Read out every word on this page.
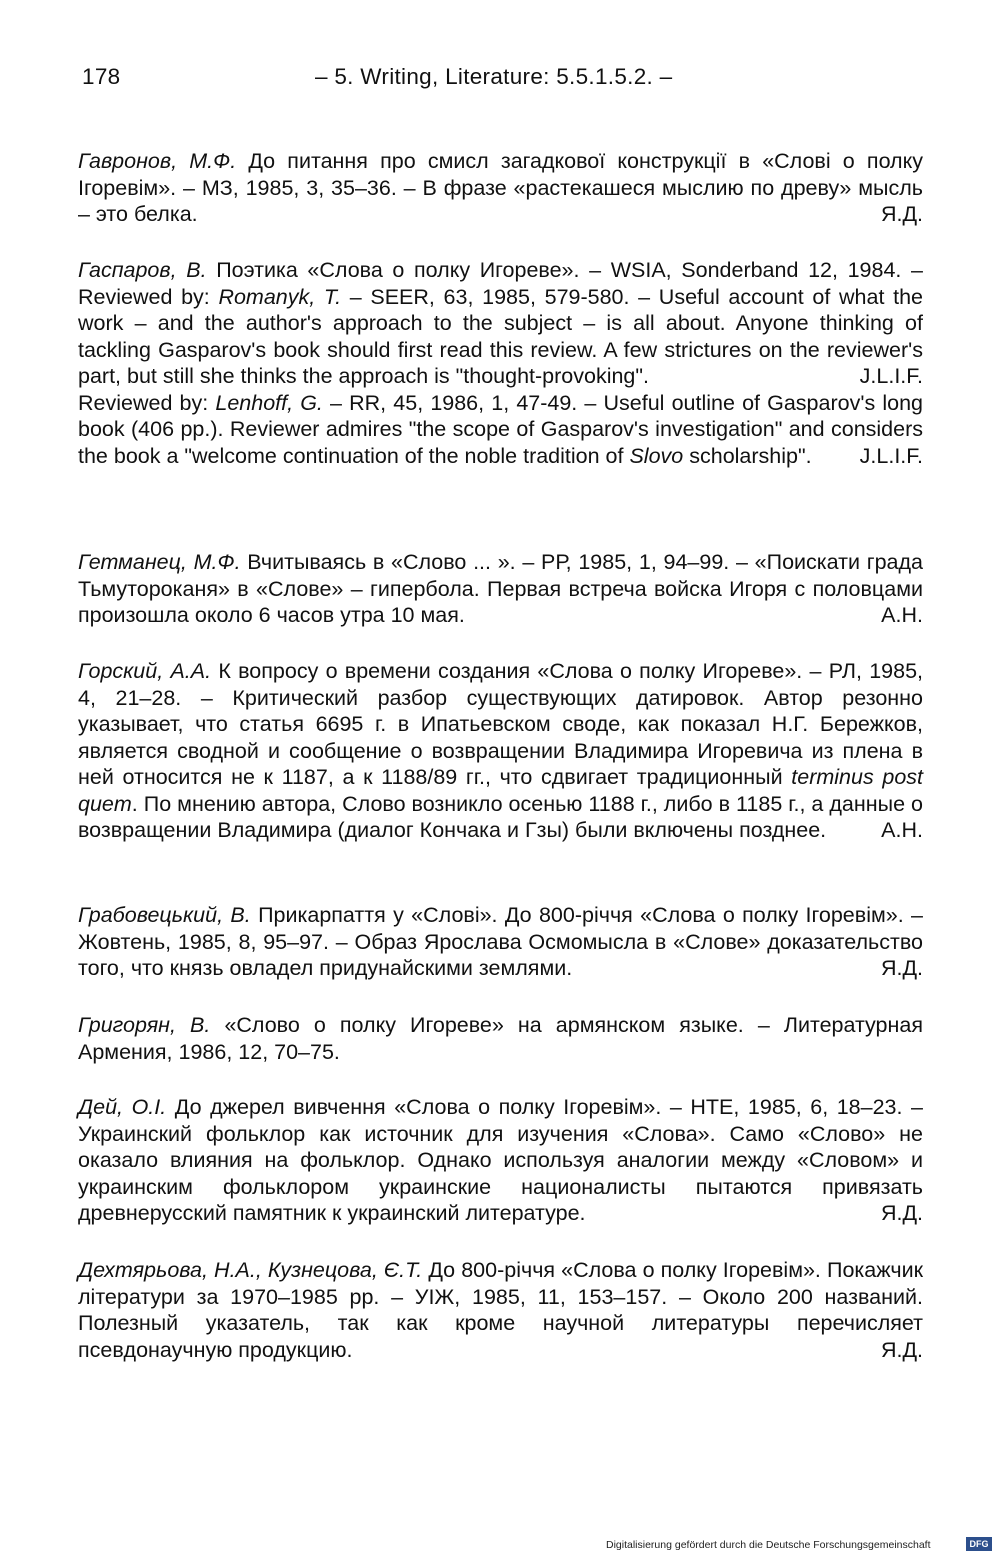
178	– 5. Writing, Literature: 5.5.1.5.2. –

Гавронов, М.Ф. До питання про смисл загадкової конструкції в «Слові о полку Ігоревім». – МЗ, 1985, 3, 35–36. – В фразе «растекашеся мыслию по древу» мысль – это белка.	Я.Д.

Гаспаров, В. Поэтика «Слова о полку Игореве». – WSIA, Sonderband 12, 1984. – Reviewed by: Romanyk, T. – SEER, 63, 1985, 579-580. – Useful account of what the work – and the author's approach to the subject – is all about. Anyone thinking of tackling Gasparov's book should first read this review. A few strictures on the reviewer's part, but still she thinks the approach is "thought-provoking".	J.L.I.F.

Reviewed by: Lenhoff, G. – RR, 45, 1986, 1, 47-49. – Useful outline of Gasparov's long book (406 pp.). Reviewer admires "the scope of Gasparov's investigation" and considers the book a "welcome continuation of the noble tradition of Slovo scholarship". J.L.I.F.

Гетманец, М.Ф. Вчитываясь в «Слово ... ». – РР, 1985, 1, 94–99. – «Поискати града Тьмутороканя» в «Слове» – гипербола. Первая встреча войска Игоря с половцами произошла около 6 часов утра 10 мая.	А.Н.

Горский, А.А. К вопросу о времени создания «Слова о полку Игореве». – РЛ, 1985, 4, 21–28. – Критический разбор существующих датировок. Автор резонно указывает, что статья 6695 г. в Ипатьевском своде, как показал Н.Г. Бережков, является сводной и сообщение о возвращении Владимира Игоревича из плена в ней относится не к 1187, а к 1188/89 гг., что сдвигает традиционный terminus post quem. По мнению автора, Слово возникло осенью 1188 г., либо в 1185 г., а данные о возвращении Владимира (диалог Кончака и Гзы) были включены позднее.	А.Н.

Грабовецький, В. Прикарпаття у «Слові». До 800-річчя «Слова о полку Ігоревім». – Жовтень, 1985, 8, 95–97. – Образ Ярослава Осмомысла в «Слове» доказательство того, что князь овладел придунайскими землями.	Я.Д.

Григорян, В. «Слово о полку Игореве» на армянском языке. – Литературная Армения, 1986, 12, 70–75.

Дей, О.І. До джерел вивчення «Слова о полку Ігоревім». – НТЕ, 1985, 6, 18–23. – Украинский фольклор как источник для изучения «Слова». Само «Слово» не оказало влияния на фольклор. Однако используя аналогии между «Словом» и украинским фольклором украинские националисты пытаются привязать древнерусский памятник к украинский литературе.	Я.Д.

Дехтярьова, Н.А., Кузнецова, Є.Т. До 800-річчя «Слова о полку Ігоревім». Покажчик літератури за 1970–1985 рр. – УІЖ, 1985, 11, 153–157. – Около 200 названий. Полезный указатель, так как кроме научной литературы перечисляет псевдонаучную продукцию.	Я.Д.

Digitalisierung gefördert durch die Deutsche Forschungsgemeinschaft	DFG
